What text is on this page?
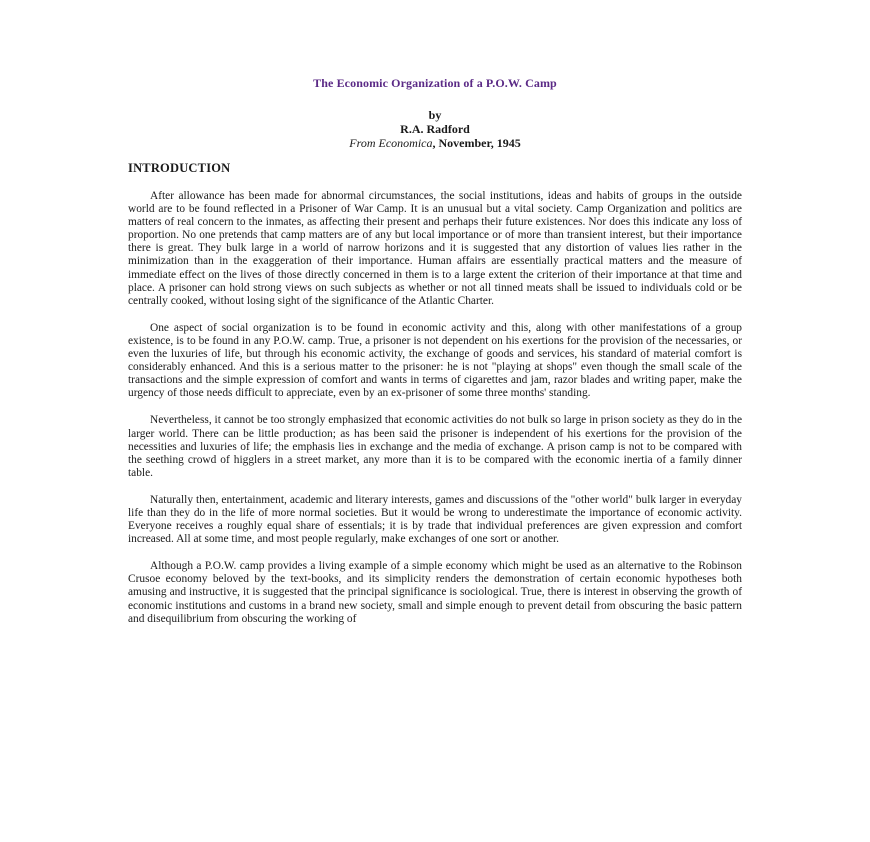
The Economic Organization of a P.O.W. Camp
by
R.A. Radford
From Economica, November, 1945
INTRODUCTION

After allowance has been made for abnormal circumstances, the social institutions, ideas and habits of groups in the outside world are to be found reflected in a Prisoner of War Camp. It is an unusual but a vital society. Camp Organization and politics are matters of real concern to the inmates, as affecting their present and perhaps their future existences. Nor does this indicate any loss of proportion. No one pretends that camp matters are of any but local importance or of more than transient interest, but their importance there is great. They bulk large in a world of narrow horizons and it is suggested that any distortion of values lies rather in the minimization than in the exaggeration of their importance. Human affairs are essentially practical matters and the measure of immediate effect on the lives of those directly concerned in them is to a large extent the criterion of their importance at that time and place. A prisoner can hold strong views on such subjects as whether or not all tinned meats shall be issued to individuals cold or be centrally cooked, without losing sight of the significance of the Atlantic Charter.

One aspect of social organization is to be found in economic activity and this, along with other manifestations of a group existence, is to be found in any P.O.W. camp. True, a prisoner is not dependent on his exertions for the provision of the necessaries, or even the luxuries of life, but through his economic activity, the exchange of goods and services, his standard of material comfort is considerably enhanced. And this is a serious matter to the prisoner: he is not "playing at shops" even though the small scale of the transactions and the simple expression of comfort and wants in terms of cigarettes and jam, razor blades and writing paper, make the urgency of those needs difficult to appreciate, even by an ex-prisoner of some three months' standing.

Nevertheless, it cannot be too strongly emphasized that economic activities do not bulk so large in prison society as they do in the larger world. There can be little production; as has been said the prisoner is independent of his exertions for the provision of the necessities and luxuries of life; the emphasis lies in exchange and the media of exchange. A prison camp is not to be compared with the seething crowd of higglers in a street market, any more than it is to be compared with the economic inertia of a family dinner table.

Naturally then, entertainment, academic and literary interests, games and discussions of the "other world" bulk larger in everyday life than they do in the life of more normal societies. But it would be wrong to underestimate the importance of economic activity. Everyone receives a roughly equal share of essentials; it is by trade that individual preferences are given expression and comfort increased. All at some time, and most people regularly, make exchanges of one sort or another.

Although a P.O.W. camp provides a living example of a simple economy which might be used as an alternative to the Robinson Crusoe economy beloved by the text-books, and its simplicity renders the demonstration of certain economic hypotheses both amusing and instructive, it is suggested that the principal significance is sociological. True, there is interest in observing the growth of economic institutions and customs in a brand new society, small and simple enough to prevent detail from obscuring the basic pattern and disequilibrium from obscuring the working of
